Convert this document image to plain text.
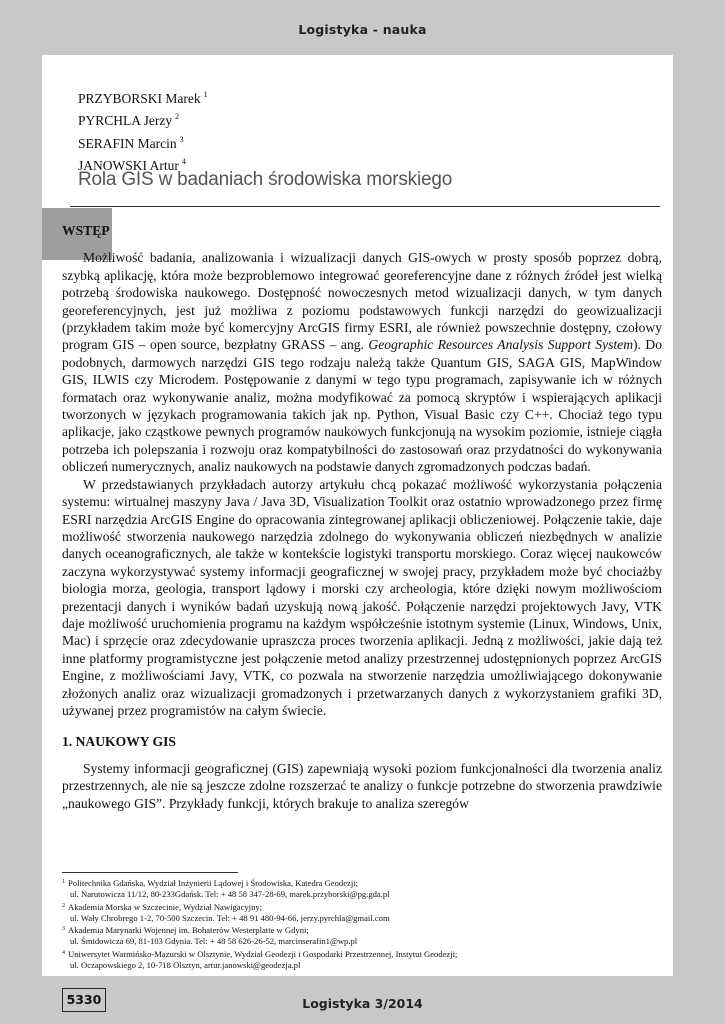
Logistyka - nauka
PRZYBORSKI Marek $^1$
PYRCHLA Jerzy $^2$
SERAFIN Marcin $^3$
JANOWSKI Artur $^4$
Rola GIS w badaniach środowiska morskiego
WSTĘP

Możliwość badania, analizowania i wizualizacji danych GIS-owych w prosty sposób poprzez dobrą, szybką aplikację, która może bezproblemowo integrować georeferencyjne dane z różnych źródeł jest wielką potrzebą środowiska naukowego. Dostępność nowoczesnych metod wizualizacji danych, w tym danych georeferencyjnych, jest już możliwa z poziomu podstawowych funkcji narzędzi do geowizualizacji (przykładem takim może być komercyjny ArcGIS firmy ESRI, ale również powszechnie dostępny, czołowy program GIS – open source, bezpłatny GRASS – ang. Geographic Resources Analysis Support System). Do podobnych, darmowych narzędzi GIS tego rodzaju należą także Quantum GIS, SAGA GIS, MapWindow GIS, ILWIS czy Microdem. Postępowanie z danymi w tego typu programach, zapisywanie ich w różnych formatach oraz wykonywanie analiz, można modyfikować za pomocą skryptów i wspierających aplikacji tworzonych w językach programowania takich jak np. Python, Visual Basic czy C++. Chociaż tego typu aplikacje, jako cząstkowe pewnych programów naukowych funkcjonują na wysokim poziomie, istnieje ciągła potrzeba ich polepszania i rozwoju oraz kompatybilności do zastosowań oraz przydatności do wykonywania obliczeń numerycznych, analiz naukowych na podstawie danych zgromadzonych podczas badań.

W przedstawianych przykładach autorzy artykułu chcą pokazać możliwość wykorzystania połączenia systemu: wirtualnej maszyny Java / Java 3D, Visualization Toolkit oraz ostatnio wprowadzonego przez firmę ESRI narzędzia ArcGIS Engine do opracowania zintegrowanej aplikacji obliczeniowej. Połączenie takie, daje możliwość stworzenia naukowego narzędzia zdolnego do wykonywania obliczeń niezbędnych w analizie danych oceanograficznych, ale także w kontekście logistyki transportu morskiego. Coraz więcej naukowców zaczyna wykorzystywać systemy informacji geograficznej w swojej pracy, przykładem może być chociażby biologia morza, geologia, transport lądowy i morski czy archeologia, które dzięki nowym możliwościom prezentacji danych i wyników badań uzyskują nową jakość. Połączenie narzędzi projektowych Javy, VTK daje możliwość uruchomienia programu na każdym współcześnie istotnym systemie (Linux, Windows, Unix, Mac) i sprzęcie oraz zdecydowanie upraszcza proces tworzenia aplikacji. Jedną z możliwości, jakie dają też inne platformy programistyczne jest połączenie metod analizy przestrzennej udostępnionych poprzez ArcGIS Engine, z możliwościami Javy, VTK, co pozwala na stworzenie narzędzia umożliwiającego dokonywanie złożonych analiz oraz wizualizacji gromadzonych i przetwarzanych danych z wykorzystaniem grafiki 3D, używanej przez programistów na całym świecie.

1. NAUKOWY GIS

Systemy informacji geograficznej (GIS) zapewniają wysoki poziom funkcjonalności dla tworzenia analiz przestrzennych, ale nie są jeszcze zdolne rozszerzać te analizy o funkcje potrzebne do stworzenia prawdziwie „naukowego GIS”. Przykłady funkcji, których brakuje to analiza szeregów

$^1$ Politechnika Gdańska, Wydział Inżynierii Lądowej i Środowiska, Katedra Geodezji;
ul. Narutowicza 11/12, 80-233Gdańsk. Tel: + 48 58 347-28-69, marek.przyborski@pg.gda.pl
$^2$ Akademia Morska w Szczecinie, Wydział Nawigacyjny;
ul. Wały Chrobrego 1-2, 70-500 Szczecin. Tel: + 48 91 480-94-66, jerzy.pyrchla@gmail.com
$^3$ Akademia Marynarki Wojennej im. Bohaterów Westerplatte w Gdyni;
ul. Śmidowicza 69, 81-103 Gdynia. Tel: + 48 58 626-26-52, marcinserafin1@wp.pl
$^4$ Uniwersytet Warmińsko-Mazurski w Olsztynie, Wydział Geodezji i Gospodarki Przestrzennej, Instytut Geodezji;
ul. Oczapowskiego 2, 10-718 Olsztyn, artur.janowski@geodezja.pl
5330	Logistyka 3/2014
